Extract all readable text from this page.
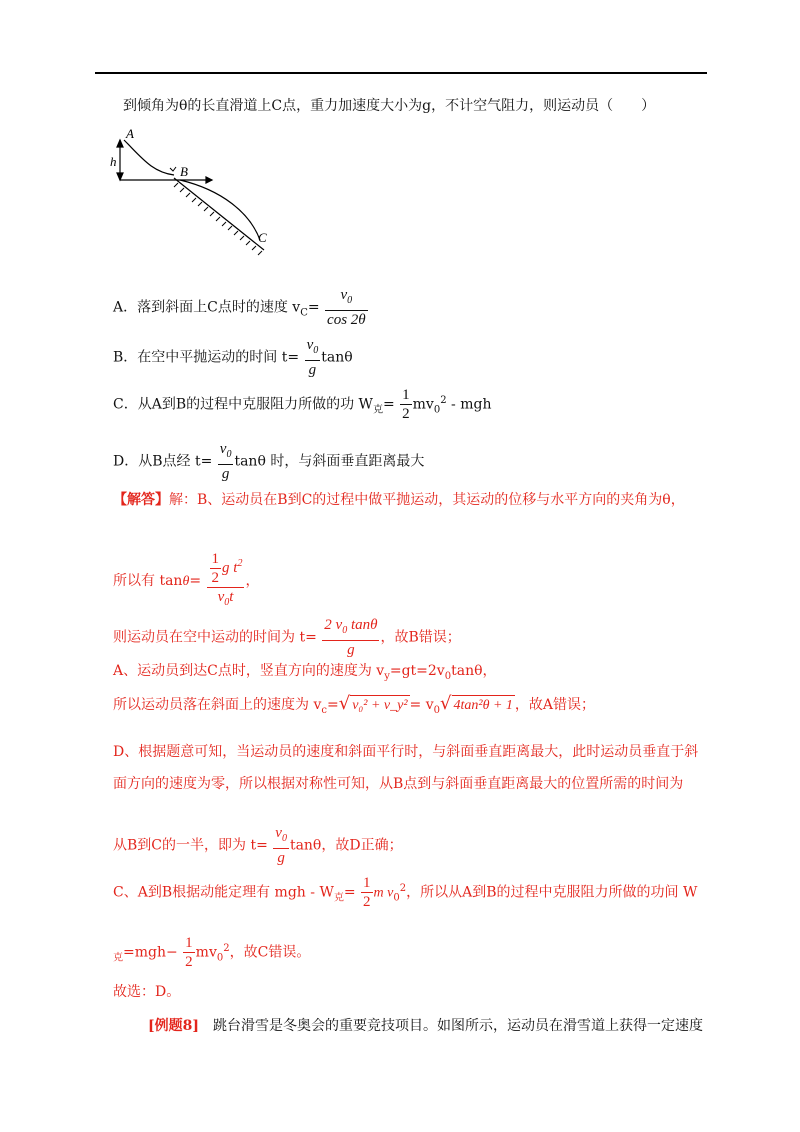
到倾角为θ的长直滑道上C点，重力加速度大小为g，不计空气阻力，则运动员（　　）
A
h
B
C
A．落到斜面上C点时的速度 $v_C= \frac{v_0}{\cos 2\theta}$
B．在空中平抛运动的时间 $t= \frac{v_0}{g}$ tanθ
C．从A到B的过程中克服阻力所做的功 $W_克= \frac{1}{2} mv_0^2$ - mgh
D．从B点经 $t= \frac{v_0}{g}$ tanθ 时，与斜面垂直距离最大
【解答】解：B、运动员在B到C的过程中做平抛运动，其运动的位移与水平方向的夹角为θ，
所以有 $\tan\theta= \frac{\frac{1}{2} g t^2}{v_0t}$ ，
则运动员在空中运动的时间为 $t= \frac{2 v_0 \tan\theta}{g}$ ，故B错误；
A、运动员到达C点时，竖直方向的速度为 $v_y=gt=2v_0\tan\theta$，
所以运动员落在斜面上的速度为 $v_c=√$ v₀² + v_y² = $v_0√$ 4tan²θ + 1 ，故A错误；
D、根据题意可知，当运动员的速度和斜面平行时，与斜面垂直距离最大，此时运动员垂直于斜
面方向的速度为零，所以根据对称性可知，从B点到与斜面垂直距离最大的位置所需的时间为
从B到C的一半，即为 $t= \frac{v_0}{g}$ tanθ，故D正确；
C、A到B根据动能定理有 mgh - $W_克= \frac{1}{2}$ m $v_0^2$，所以从A到B的过程中克服阻力所做的功间 W
$_克=mgh- \frac{1}{2} mv_0^2$，故C错误。
故选：D。
[例题8]　 跳台滑雪是冬奥会的重要竞技项目。如图所示，运动员在滑雪道上获得一定速度
